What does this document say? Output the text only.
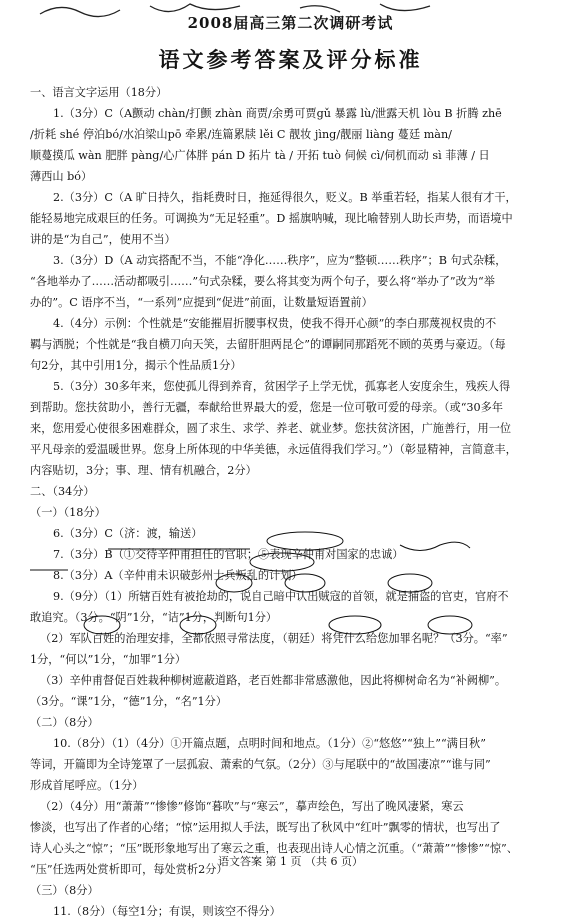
2008届高三第二次调研考试
语文参考答案及评分标准
一、语言文字运用（18分）
1.（3分）C（A颤动 chàn/打颤 zhàn 商贾/余勇可贾gǔ 暴露 lù/泄露天机 lòu B 折腾 zhē
/折耗 shé 停泊bó/水泊梁山pō 牵累/连篇累牍 lěi C 靓妆 jìng/靓丽 liàng 蔓廷 màn/
顺蔓摸瓜 wàn 肥胖 pàng/心广体胖 pán D 拓片 tà / 开拓 tuò 伺候 cì/伺机而动 sì 菲薄 / 日
薄西山 bó）
2.（3分）C（A 旷日持久，指耗费时日，拖延得很久，贬义。B 举重若轻，指某人很有才干，
能轻易地完成艰巨的任务。可调换为“无足轻重”。D 摇旗呐喊，现比喻替别人助长声势，而语境中
讲的是“为自己”，使用不当）
3.（3分）D（A 动宾搭配不当，不能“净化……秩序”，应为“整顿……秩序”；B 句式杂糅，
“各地举办了……活动都吸引……”句式杂糅，要么将其变为两个句子，要么将“举办了”改为“举
办的”。C 语序不当，“一系列”应提到“促进”前面，让数量短语置前）
4.（4分）示例：个性就是“安能摧眉折腰事权贵，使我不得开心颜”的李白那蔑视权贵的不
羁与洒脱；个性就是“我自横刀向天笑，去留肝胆两昆仑”的谭嗣同那蹈死不顾的英勇与豪迈。（每
句2分，其中引用1分，揭示个性品质1分）
5.（3分）30多年来，您使孤儿得到养育，贫困学子上学无忧，孤寡老人安度余生，残疾人得
到帮助。您扶贫助小，善行无疆，奉献给世界最大的爱，您是一位可敬可爱的母亲。（或“30多年
来，您用爱心使很多困难群众，圆了求生、求学、养老、就业梦。您扶贫济困，广施善行，用一位
平凡母亲的爱温暖世界。您身上所体现的中华美德，永远值得我们学习。”）（彰显精神，言简意丰，
内容贴切，3分；事、理、情有机融合，2分）
二、（34分）
（一）（18分）
6.（3分）C（济：渡，输送）
7.（3分）B（①交待辛仲甫担任的官职；⑤表现辛仲甫对国家的忠诚）
8.（3分）A（辛仲甫未识破彭州士兵叛乱的计划）
9.（9分）（1）所辖百姓有被抢劫的，说自己暗中认出贼寇的首领，就是捕盗的官吏，官府不
敢追究。（3分。“阴”1分，“诘”1分，判断句1分）
（2）军队百姓的治理安排，全都依照寻常法度，（朝廷）将凭什么给您加罪名呢？（3分。“率”
1分，“何以”1分，“加罪”1分）
（3）辛仲甫督促百姓栽种柳树遮蔽道路，老百姓都非常感激他，因此将柳树命名为“补阙柳”。
（3分。“课”1分，“德”1分，“名”1分）
（二）（8分）
10.（8分）（1）（4分）①开篇点题，点明时间和地点。（1分）②“悠悠”“独上”“满目秋”
等词，开篇即为全诗笼罩了一层孤寂、萧索的气氛。（2分）③与尾联中的“故国凄凉”“谁与同”
形成首尾呼应。（1分）
（2）（4分）用“萧萧”“惨惨”修饰“暮吹”与“寒云”，摹声绘色，写出了晚风凄紧，寒云
惨淡，也写出了作者的心绪；“惊”运用拟人手法，既写出了秋风中“红叶”飘零的情状，也写出了
诗人心头之“惊”；“压”既形象地写出了寒云之重，也表现出诗人心情之沉重。（“萧萧”“惨惨”“惊”、
“压”任选两处赏析即可，每处赏析2分）
（三）（8分）
11.（8分）（每空1分；有误，则该空不得分）
语文答案 第 1 页 （共 6 页）
